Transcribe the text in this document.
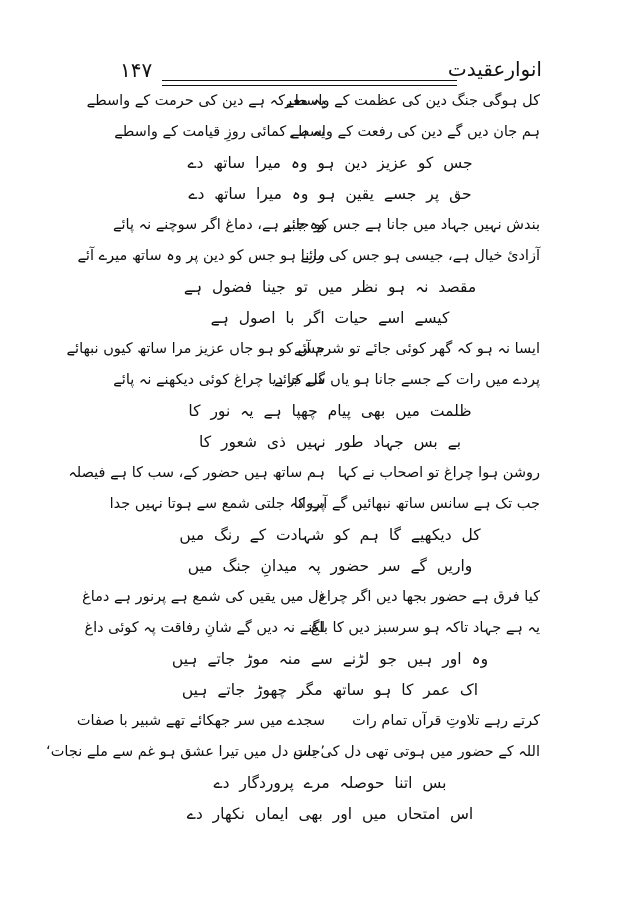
۱۴۷	انوارعقیدت
کل ہوگی جنگ دین کی عظمت کے واسطے
یہ معرکہ ہے دین کی حرمت کے واسطے
ہم جان دیں گے دین کی رفعت کے واسطے
یہ ہے کمائی روزِ قیامت کے واسطے
جس کو عزیز دین ہو وہ میرا ساتھ دے
حق پر جسے یقین ہو وہ میرا ساتھ دے
بندش نہیں جہاد میں جانا ہے جس کو جائے
وہ جبر ہے، دماغ اگر سوچنے نہ پائے
آزادیٔ خیال ہے، جیسی ہو جس کی رائے
مرنا ہو جس کو دین پر وہ ساتھ میرے آئے
مقصد نہ ہو نظر میں تو جینا فضول ہے
کیسے اسے حیات اگر با اصول ہے
ایسا نہ ہو کہ گھر کوئی جائے تو شرم آئے
جس کو ہو جاں عزیز مرا ساتھ کیوں نبھائے
پردے میں رات کے جسے جانا ہو یاں سے جائے
گل کر دیا چراغ کوئی دیکھنے نہ پائے
ظلمت میں بھی پیام چھپا ہے یہ نور کا
بے بس جہاد طور نہیں ذی شعور کا
روشن ہوا چراغ تو اصحاب نے کہا
ہم ساتھ ہیں حضور کے، سب کا ہے فیصلہ
جب تک ہے سانس ساتھ نبھائیں گے آپ کا
پروانہ جلتی شمع سے ہوتا نہیں جدا
کل دیکھیے گا ہم کو شہادت کے رنگ میں
واریں گے سر حضور پہ میدانِ جنگ میں
کیا فرق ہے حضور بجھا دیں اگر چراغ
دل میں یقیں کی شمع ہے پرنور ہے دماغ
یہ ہے جہاد تاکہ ہو سرسبز دیں کا باغ
لگنے نہ دیں گے شانِ رفاقت پہ کوئی داغ
وہ اور ہیں جو لڑنے سے منہ موڑ جاتے ہیں
اک عمر کا ہو ساتھ مگر چھوڑ جاتے ہیں
کرتے رہے تلاوتِ قرآں تمام رات
سجدے میں سر جھکائے تھے شبیر با صفات
اللہ کے حضور میں ہوتی تھی دل کی بات
’جس دل میں تیرا عشق ہو غم سے ملے نجات‘
بس اتنا حوصلہ مرے پروردگار دے
اس امتحاں میں اور بھی ایماں نکھار دے
